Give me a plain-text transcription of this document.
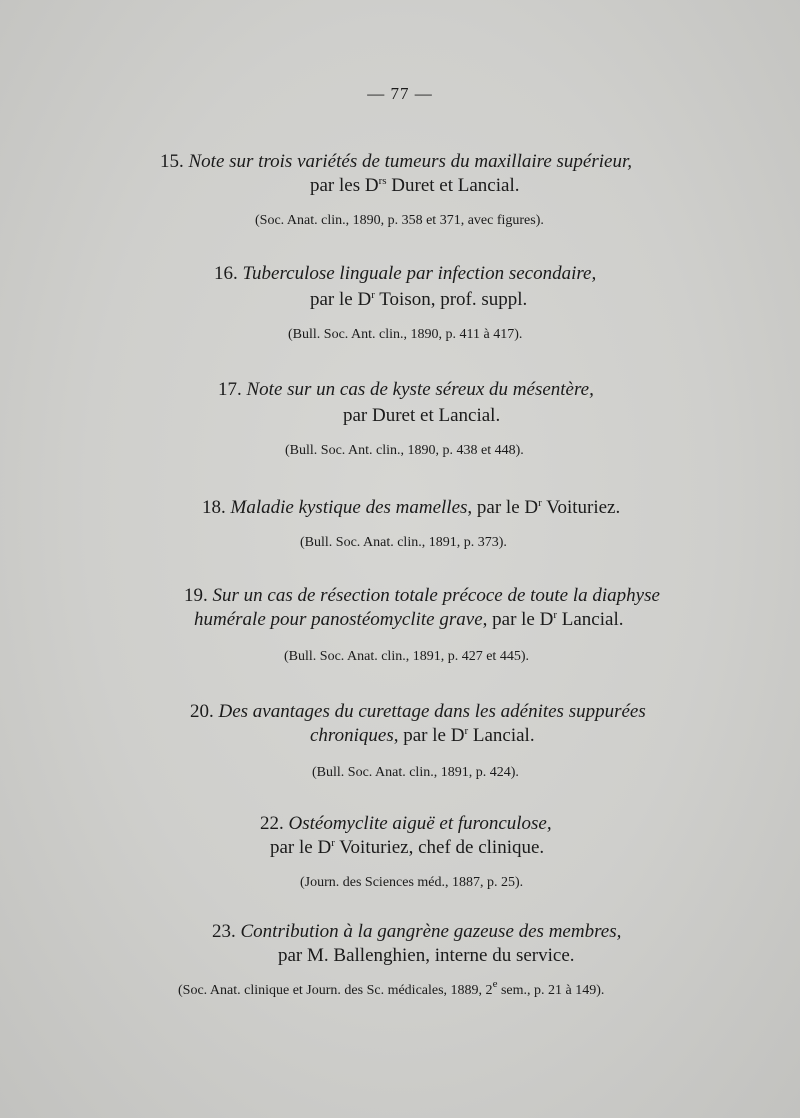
— 77 —
15. Note sur trois variétés de tumeurs du maxillaire supérieur,
par les $D^{rs}$ Duret et Lancial.
(Soc. Anat. clin., 1890, p. 358 et 371, avec figures).
16. Tuberculose linguale par infection secondaire,
par le $D^r$ Toison, prof. suppl.
(Bull. Soc. Ant. clin., 1890, p. 411 à 417).
17. Note sur un cas de kyste séreux du mésentère,
par Duret et Lancial.
(Bull. Soc. Ant. clin., 1890, p. 438 et 448).
18. Maladie kystique des mamelles, par le $D^r$ Voituriez.
(Bull. Soc. Anat. clin., 1891, p. 373).
19. Sur un cas de résection totale précoce de toute la diaphyse
humérale pour panostéomyclite grave, par le $D^r$ Lancial.
(Bull. Soc. Anat. clin., 1891, p. 427 et 445).
20. Des avantages du curettage dans les adénites suppurées
chroniques, par le $D^r$ Lancial.
(Bull. Soc. Anat. clin., 1891, p. 424).
22. Ostéomyclite aiguë et furonculose,
par le $D^r$ Voituriez, chef de clinique.
(Journ. des Sciences méd., 1887, p. 25).
23. Contribution à la gangrène gazeuse des membres,
par M. Ballenghien, interne du service.
(Soc. Anat. clinique et Journ. des Sc. médicales, 1889, 2e sem., p. 21 à 149).
